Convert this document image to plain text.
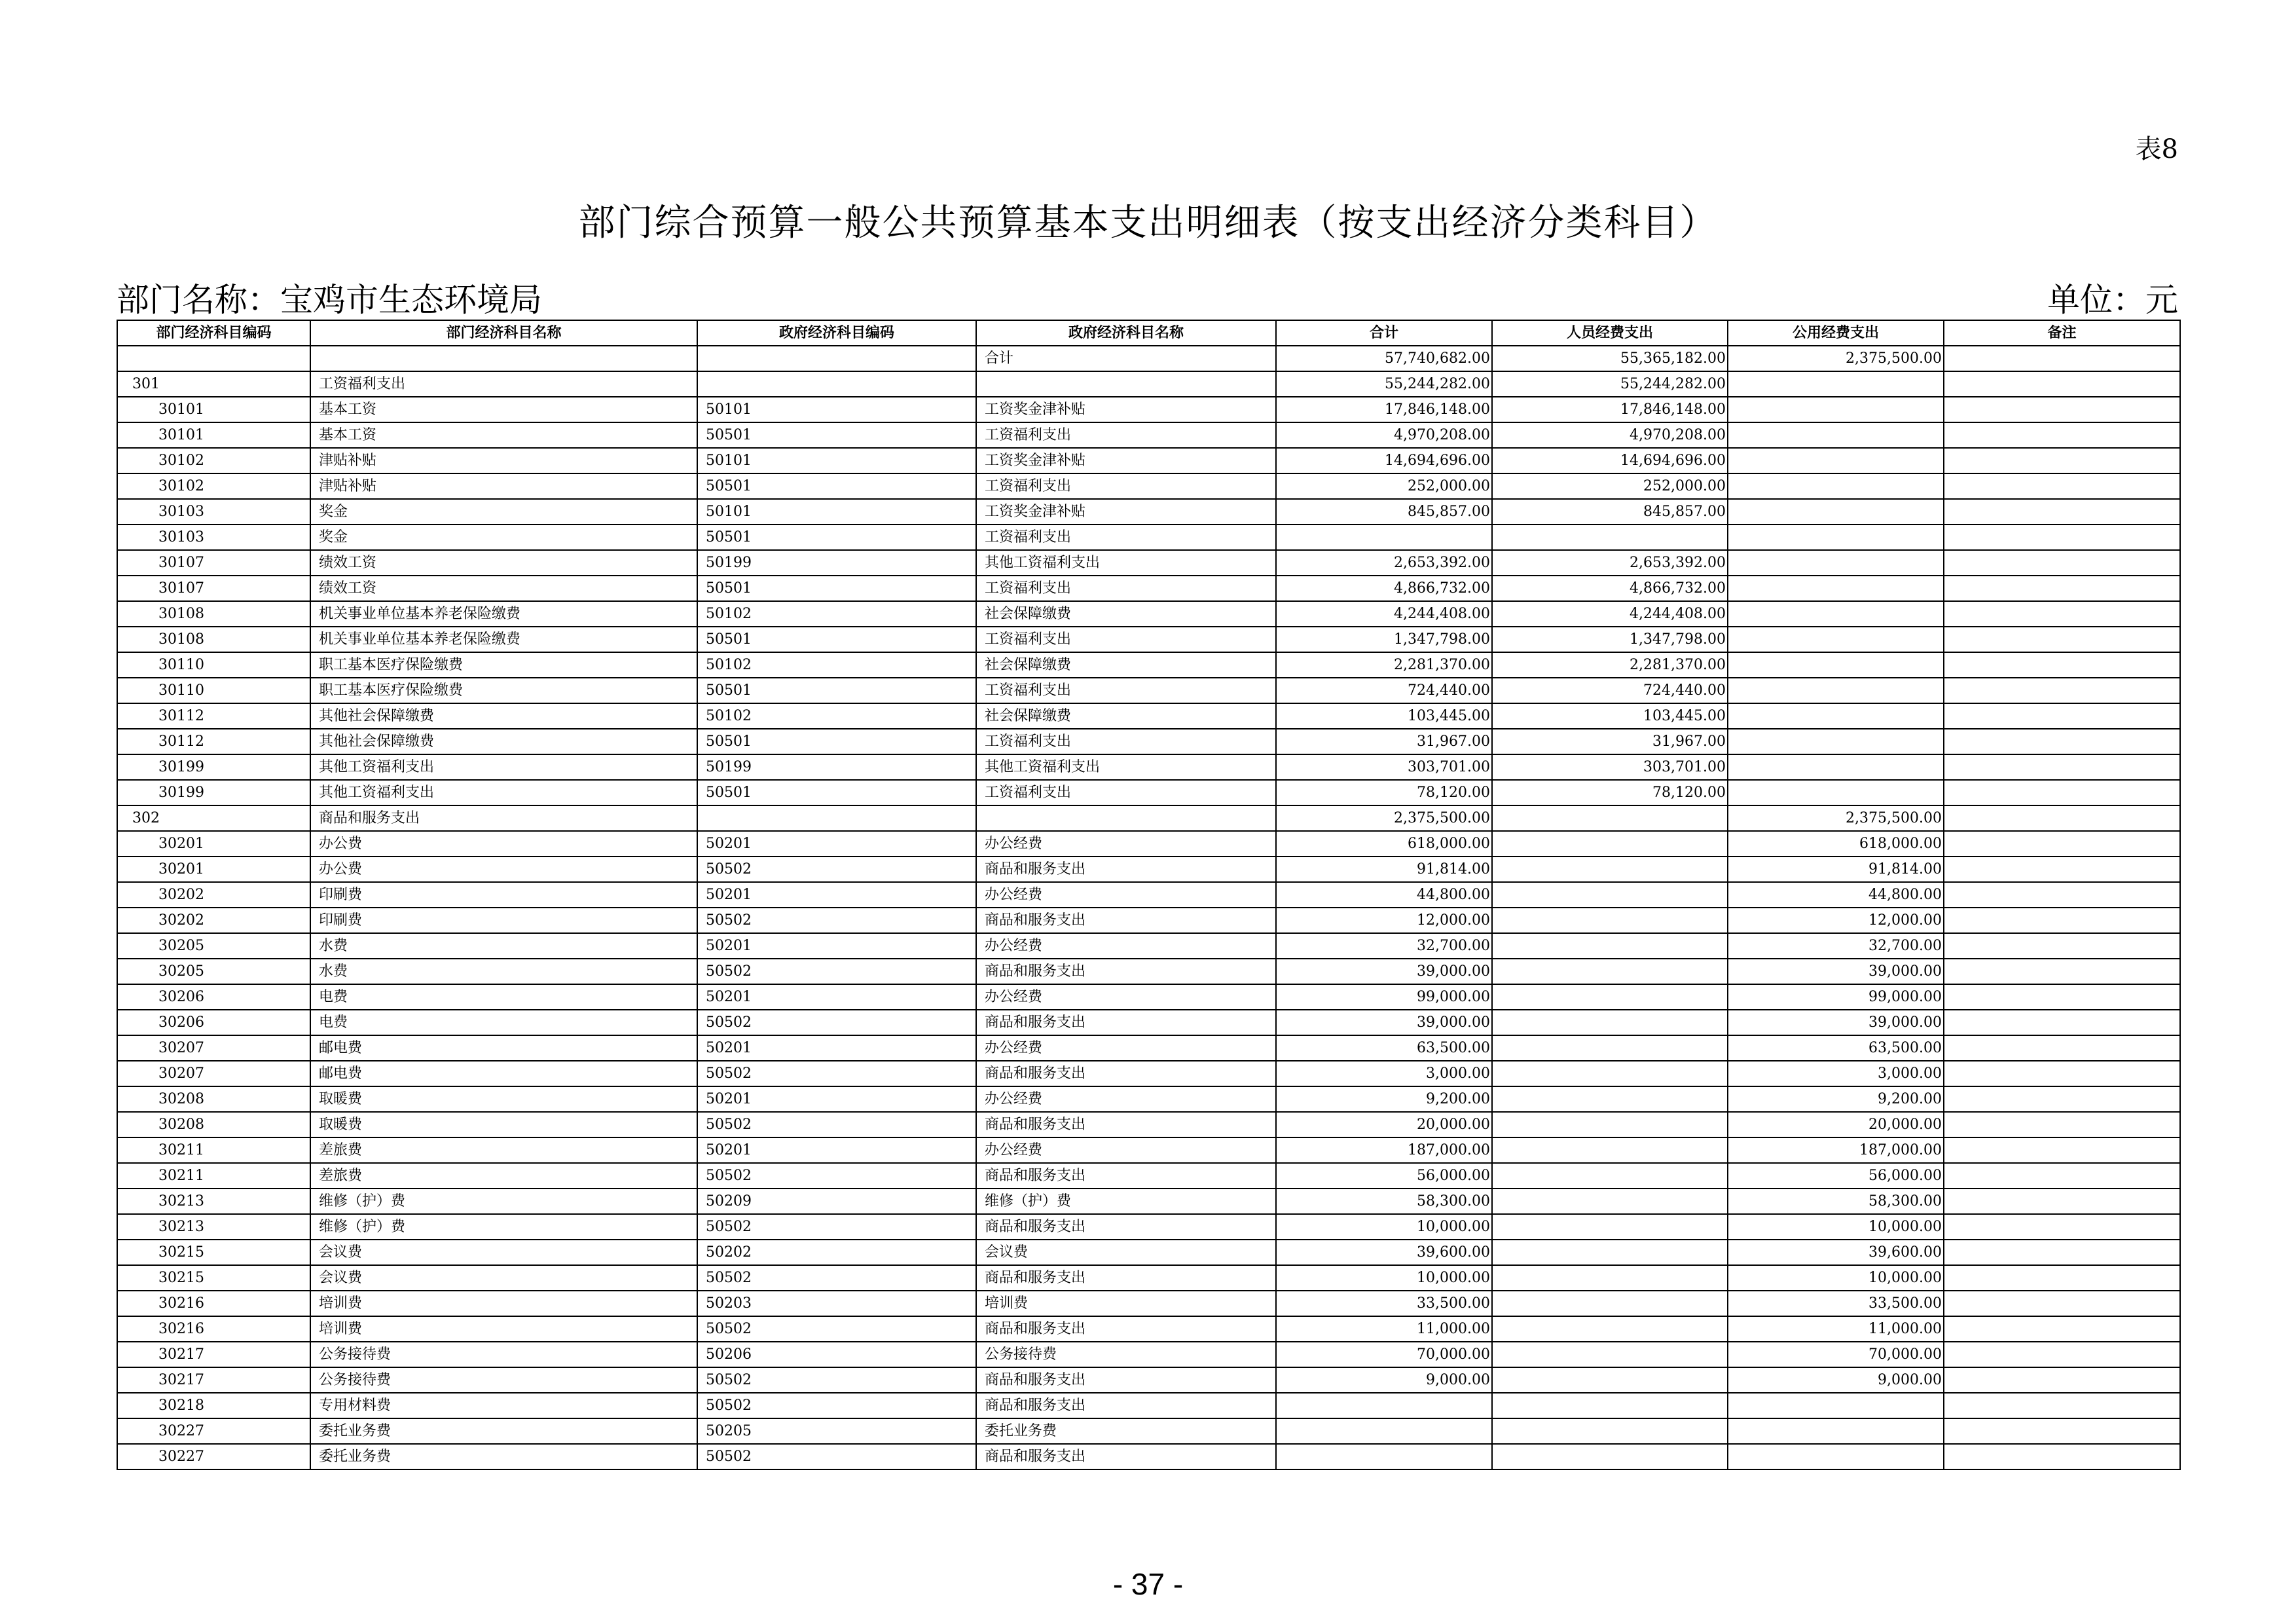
表8
部门综合预算一般公共预算基本支出明细表（按支出经济分类科目）
部门名称：宝鸡市生态环境局	单位：元
部门经济科目编码	部门经济科目名称	政府经济科目编码	政府经济科目名称	合计	人员经费支出	公用经费支出	备注
			合计	57,740,682.00	55,365,182.00	2,375,500.00	
301	工资福利支出			55,244,282.00	55,244,282.00		
30101	基本工资	50101	工资奖金津补贴	17,846,148.00	17,846,148.00		
30101	基本工资	50501	工资福利支出	4,970,208.00	4,970,208.00		
30102	津贴补贴	50101	工资奖金津补贴	14,694,696.00	14,694,696.00		
30102	津贴补贴	50501	工资福利支出	252,000.00	252,000.00		
30103	奖金	50101	工资奖金津补贴	845,857.00	845,857.00		
30103	奖金	50501	工资福利支出				
30107	绩效工资	50199	其他工资福利支出	2,653,392.00	2,653,392.00		
30107	绩效工资	50501	工资福利支出	4,866,732.00	4,866,732.00		
30108	机关事业单位基本养老保险缴费	50102	社会保障缴费	4,244,408.00	4,244,408.00		
30108	机关事业单位基本养老保险缴费	50501	工资福利支出	1,347,798.00	1,347,798.00		
30110	职工基本医疗保险缴费	50102	社会保障缴费	2,281,370.00	2,281,370.00		
30110	职工基本医疗保险缴费	50501	工资福利支出	724,440.00	724,440.00		
30112	其他社会保障缴费	50102	社会保障缴费	103,445.00	103,445.00		
30112	其他社会保障缴费	50501	工资福利支出	31,967.00	31,967.00		
30199	其他工资福利支出	50199	其他工资福利支出	303,701.00	303,701.00		
30199	其他工资福利支出	50501	工资福利支出	78,120.00	78,120.00		
302	商品和服务支出			2,375,500.00		2,375,500.00	
30201	办公费	50201	办公经费	618,000.00		618,000.00	
30201	办公费	50502	商品和服务支出	91,814.00		91,814.00	
30202	印刷费	50201	办公经费	44,800.00		44,800.00	
30202	印刷费	50502	商品和服务支出	12,000.00		12,000.00	
30205	水费	50201	办公经费	32,700.00		32,700.00	
30205	水费	50502	商品和服务支出	39,000.00		39,000.00	
30206	电费	50201	办公经费	99,000.00		99,000.00	
30206	电费	50502	商品和服务支出	39,000.00		39,000.00	
30207	邮电费	50201	办公经费	63,500.00		63,500.00	
30207	邮电费	50502	商品和服务支出	3,000.00		3,000.00	
30208	取暖费	50201	办公经费	9,200.00		9,200.00	
30208	取暖费	50502	商品和服务支出	20,000.00		20,000.00	
30211	差旅费	50201	办公经费	187,000.00		187,000.00	
30211	差旅费	50502	商品和服务支出	56,000.00		56,000.00	
30213	维修（护）费	50209	维修（护）费	58,300.00		58,300.00	
30213	维修（护）费	50502	商品和服务支出	10,000.00		10,000.00	
30215	会议费	50202	会议费	39,600.00		39,600.00	
30215	会议费	50502	商品和服务支出	10,000.00		10,000.00	
30216	培训费	50203	培训费	33,500.00		33,500.00	
30216	培训费	50502	商品和服务支出	11,000.00		11,000.00	
30217	公务接待费	50206	公务接待费	70,000.00		70,000.00	
30217	公务接待费	50502	商品和服务支出	9,000.00		9,000.00	
30218	专用材料费	50502	商品和服务支出				
30227	委托业务费	50205	委托业务费				
30227	委托业务费	50502	商品和服务支出				
- 37 -
